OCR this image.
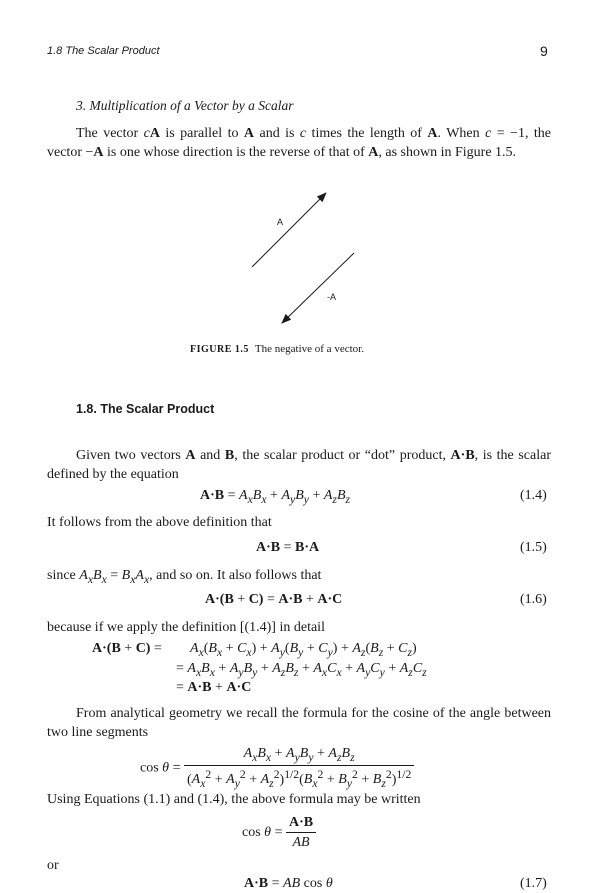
1.8 The Scalar Product	9
3. Multiplication of a Vector by a Scalar
The vector cA is parallel to A and is c times the length of A. When c = −1, the vector −A is one whose direction is the reverse of that of A, as shown in Figure 1.5.
A
-A
FIGURE 1.5 The negative of a vector.
1.8. The Scalar Product
Given two vectors A and B, the scalar product or “dot” product, A·B, is the scalar defined by the equation
$A\cdot B = A_xB_x + A_yB_y + A_zB_z$	(1.4)
It follows from the above definition that
A·B = B·A	(1.5)
since $A_xB_x = B_xA_x$, and so on. It also follows that
A·(B + C) = A·B + A·C	(1.6)
because if we apply the definition [(1.4)] in detail
$A\cdot(B + C) = A_x(B_x + C_x) + A_y(B_y + C_y) + A_z(B_z + C_z)$
= $A_xB_x + A_yB_y + A_zB_z + A_xC_x + A_yC_y + A_zC_z$
= A·B + A·C
From analytical geometry we recall the formula for the cosine of the angle between two line segments
$\cos \theta = \frac{A_xB_x + A_yB_y + A_zB_z}{(A_x^2 + A_y^2 + A_z^2)^{1/2}(B_x^2 + B_y^2 + B_z^2)^{1/2}}$
Using Equations (1.1) and (1.4), the above formula may be written
$\cos \theta = \frac{A\cdot B}{AB}$
or
A·B = AB cos θ	(1.7)
